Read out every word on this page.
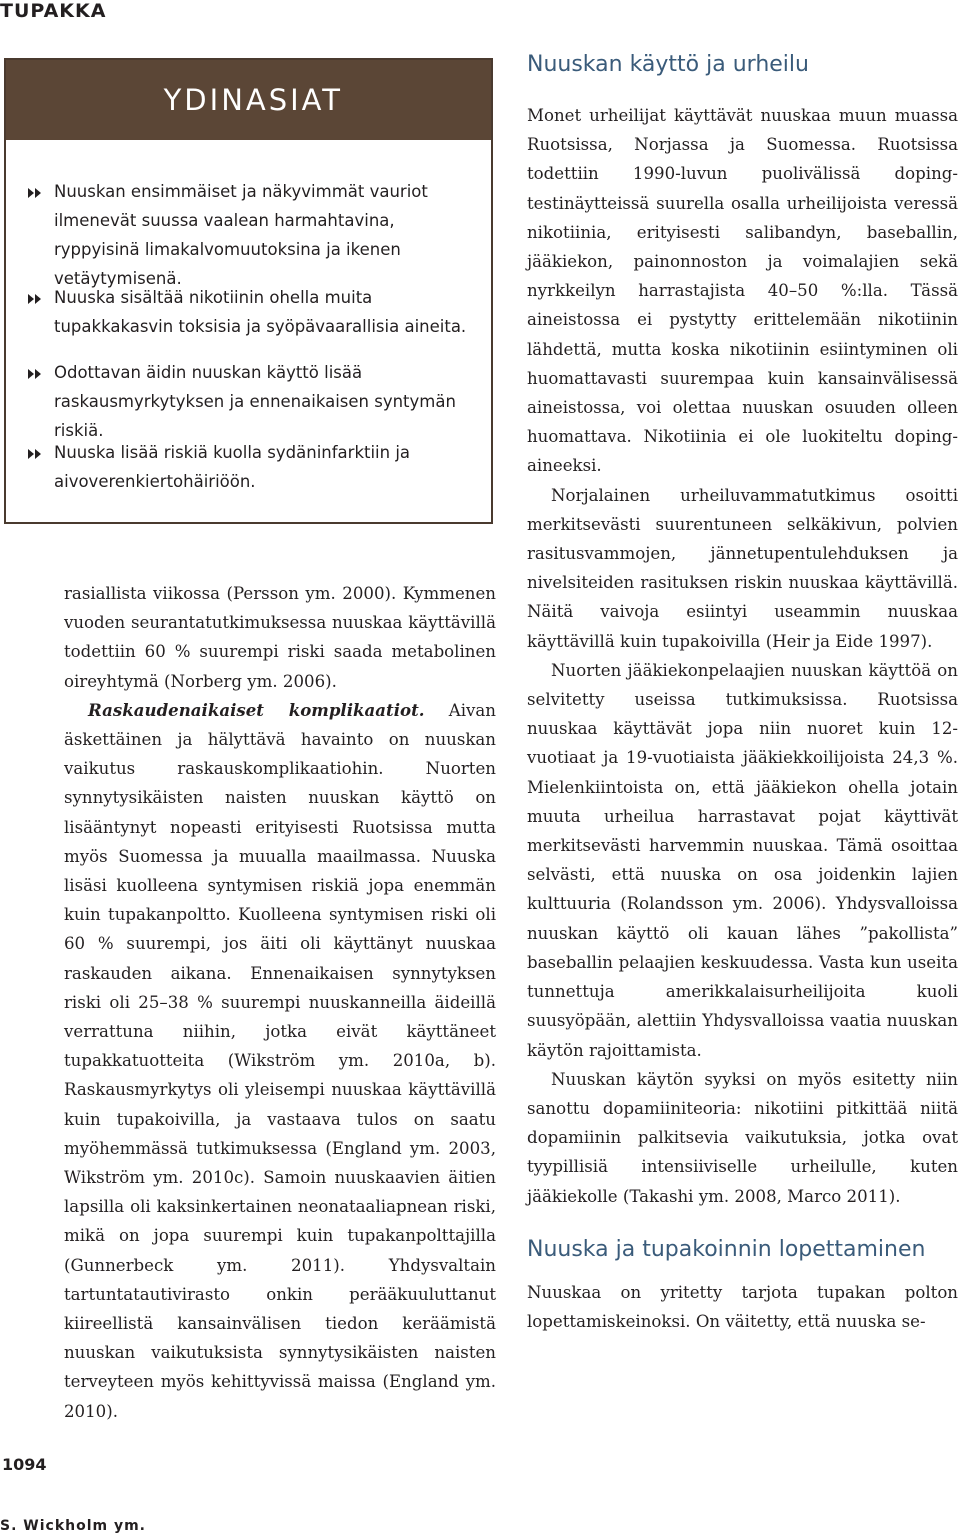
TUPAKKA
YDINASIAT
Nuuskan ensimmäiset ja näkyvimmät vauriot ilmenevät suussa vaalean harmahtavina, ryppyisinä limakalvomuutoksina ja ikenen vetäytymisenä.
Nuuska sisältää nikotiinin ohella muita tupakkakasvin toksisia ja syöpävaarallisia aineita.
Odottavan äidin nuuskan käyttö lisää raskausmyrkytyksen ja ennenaikaisen syntymän riskiä.
Nuuska lisää riskiä kuolla sydäninfarktiin ja aivoverenkiertohäiriöön.

rasiallista viikossa (Persson ym. 2000). Kymmenen vuoden seurantatutkimuksessa nuuskaa käyttävillä todettiin 60 % suurempi riski saada metabolinen oireyhtymä (Norberg ym. 2006).

Raskaudenaikaiset komplikaatiot. Aivan äskettäinen ja hälyttävä havainto on nuuskan vaikutus raskauskomplikaatiohin. Nuorten synnytysikäisten naisten nuuskan käyttö on lisääntynyt nopeasti erityisesti Ruotsissa mutta myös Suomessa ja muualla maailmassa. Nuuska lisäsi kuolleena syntymisen riskiä jopa enemmän kuin tupakanpoltto. Kuolleena syntymisen riski oli 60 % suurempi, jos äiti oli käyttänyt nuuskaa raskauden aikana. Ennenaikaisen synnytyksen riski oli 25–38 % suurempi nuuskanneilla äideillä verrattuna niihin, jotka eivät käyttäneet tupakkatuotteita (Wikström ym. 2010a, b). Raskausmyrkytys oli yleisempi nuuskaa käyttävillä kuin tupakoivilla, ja vastaava tulos on saatu myöhemmässä tutkimuksessa (England ym. 2003, Wikström ym. 2010c). Samoin nuuskaavien äitien lapsilla oli kaksinkertainen neonataaliapnean riski, mikä on jopa suurempi kuin tupakanpolttajilla (Gunnerbeck ym. 2011). Yhdysvaltain tartuntatautivirasto onkin perääkuuluttanut kiireellistä kansainvälisen tiedon keräämistä nuuskan vaikutuksista synnytysikäisten naisten terveyteen myös kehittyvissä maissa (England ym. 2010).

Nuuskan käyttö ja urheilu

Monet urheilijat käyttävät nuuskaa muun muassa Ruotsissa, Norjassa ja Suomessa. Ruotsissa todettiin 1990-luvun puolivälissä doping-testinäytteissä suurella osalla urheilijoista veressä nikotiinia, erityisesti salibandyn, baseballin, jääkiekon, painonnoston ja voimalajien sekä nyrkkeilyn harrastajista 40–50 %:lla. Tässä aineistossa ei pystytty erittelemään nikotiinin lähdettä, mutta koska nikotiinin esiintyminen oli huomattavasti suurempaa kuin kansainvälisessä aineistossa, voi olettaa nuuskan osuuden olleen huomattava. Nikotiinia ei ole luokiteltu doping-aineeksi.

Norjalainen urheiluvammatutkimus osoitti merkitsevästi suurentuneen selkäkivun, polvien rasitusvammojen, jännetupentulehduksen ja nivelsiteiden rasituksen riskin nuuskaa käyttävillä. Näitä vaivoja esiintyi useammin nuuskaa käyttävillä kuin tupakoivilla (Heir ja Eide 1997).

Nuorten jääkiekonpelaajien nuuskan käyttöä on selvitetty useissa tutkimuksissa. Ruotsissa nuuskaa käyttävät jopa niin nuoret kuin 12-vuotiaat ja 19-vuotiaista jääkiekkoilijoista 24,3 %. Mielenkiintoista on, että jääkiekon ohella jotain muuta urheilua harrastavat pojat käyttivät merkitsevästi harvemmin nuuskaa. Tämä osoittaa selvästi, että nuuska on osa joidenkin lajien kulttuuria (Rolandsson ym. 2006). Yhdysvalloissa nuuskan käyttö oli kauan lähes ”pakollista” baseballin pelaajien keskuudessa. Vasta kun useita tunnettuja amerikkalaisurheilijoita kuoli suusyöpään, alettiin Yhdysvalloissa vaatia nuuskan käytön rajoittamista.

Nuuskan käytön syyksi on myös esitetty niin sanottu dopamiiniteoria: nikotiini pitkittää niitä dopamiinin palkitsevia vaikutuksia, jotka ovat tyypillisiä intensiiviselle urheilulle, kuten jääkiekolle (Takashi ym. 2008, Marco 2011).

Nuuska ja tupakoinnin lopettaminen

Nuuskaa on yritetty tarjota tupakan polton lopettamiskeinoksi. On väitetty, että nuuska se-

1094
S. Wickholm ym.
